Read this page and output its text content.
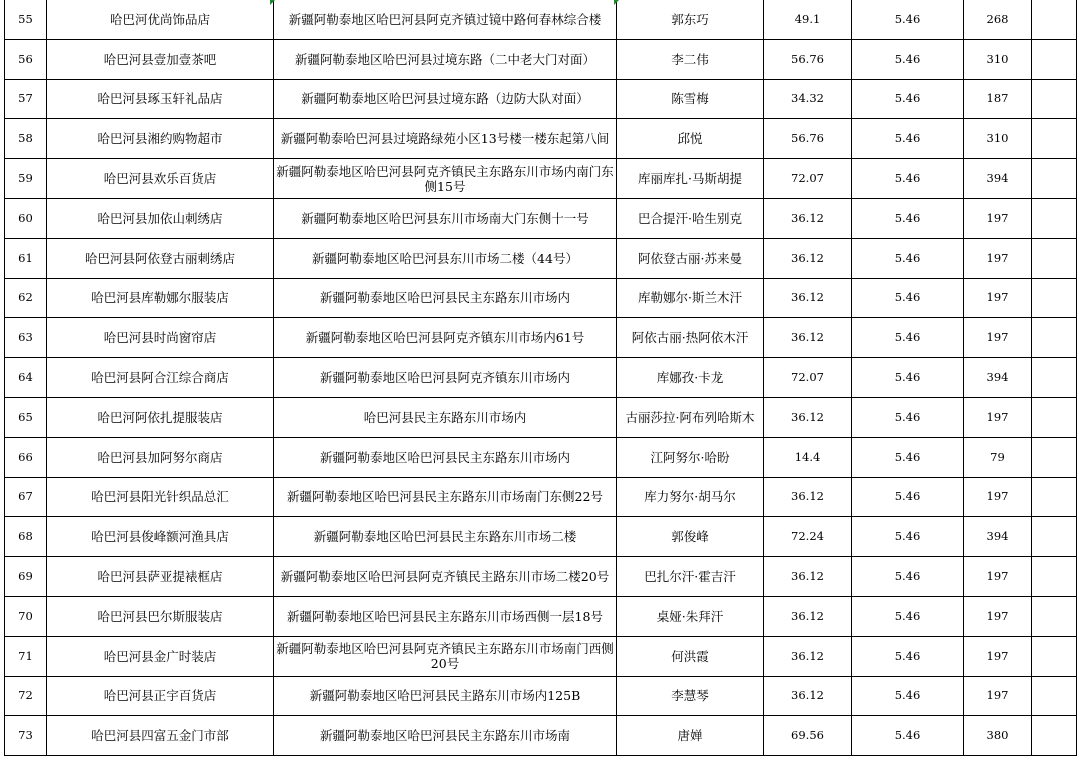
55	哈巴河优尚饰品店	新疆阿勒泰地区哈巴河县阿克齐镇过镜中路何春林综合楼	郭东巧	49.1	5.46	268	
56	哈巴河县壹加壹茶吧	新疆阿勒泰地区哈巴河县过境东路（二中老大门对面）	李二伟	56.76	5.46	310	
57	哈巴河县琢玉轩礼品店	新疆阿勒泰地区哈巴河县过境东路（边防大队对面）	陈雪梅	34.32	5.46	187	
58	哈巴河县湘约购物超市	新疆阿勒泰哈巴河县过境路绿苑小区13号楼一楼东起第八间	邱悦	56.76	5.46	310	
59	哈巴河县欢乐百货店	新疆阿勒泰地区哈巴河县阿克齐镇民主东路东川市场内南门东侧15号	库丽库扎·马斯胡提	72.07	5.46	394	
60	哈巴河县加依山刺绣店	新疆阿勒泰地区哈巴河县东川市场南大门东侧十一号	巴合提汗·哈生别克	36.12	5.46	197	
61	哈巴河县阿依登古丽刺绣店	新疆阿勒泰地区哈巴河县东川市场二楼（44号）	阿依登古丽·苏来曼	36.12	5.46	197	
62	哈巴河县库勒娜尔服装店	新疆阿勒泰地区哈巴河县民主东路东川市场内	库勒娜尔·斯兰木汗	36.12	5.46	197	
63	哈巴河县时尚窗帘店	新疆阿勒泰地区哈巴河县阿克齐镇东川市场内61号	阿依古丽·热阿依木汗	36.12	5.46	197	
64	哈巴河县阿合江综合商店	新疆阿勒泰地区哈巴河县阿克齐镇东川市场内	库娜孜·卡龙	72.07	5.46	394	
65	哈巴河阿依扎提服装店	哈巴河县民主东路东川市场内	古丽莎拉·阿布列哈斯木	36.12	5.46	197	
66	哈巴河县加阿努尔商店	新疆阿勒泰地区哈巴河县民主东路东川市场内	江阿努尔·哈盼	14.4	5.46	79	
67	哈巴河县阳光针织品总汇	新疆阿勒泰地区哈巴河县民主东路东川市场南门东侧22号	库力努尔·胡马尔	36.12	5.46	197	
68	哈巴河县俊峰额河渔具店	新疆阿勒泰地区哈巴河县民主东路东川市场二楼	郭俊峰	72.24	5.46	394	
69	哈巴河县萨亚提裱框店	新疆阿勒泰地区哈巴河县阿克齐镇民主路东川市场二楼20号	巴扎尔汗·霍吉汗	36.12	5.46	197	
70	哈巴河县巴尔斯服装店	新疆阿勒泰地区哈巴河县民主东路东川市场西侧一层18号	桌娅·朱拜汗	36.12	5.46	197	
71	哈巴河县金广时装店	新疆阿勒泰地区哈巴河县阿克齐镇民主东路东川市场南门西侧20号	何洪霞	36.12	5.46	197	
72	哈巴河县正宇百货店	新疆阿勒泰地区哈巴河县民主路东川市场内125B	李慧琴	36.12	5.46	197	
73	哈巴河县四富五金门市部	新疆阿勒泰地区哈巴河县民主东路东川市场南	唐婵	69.56	5.46	380	
